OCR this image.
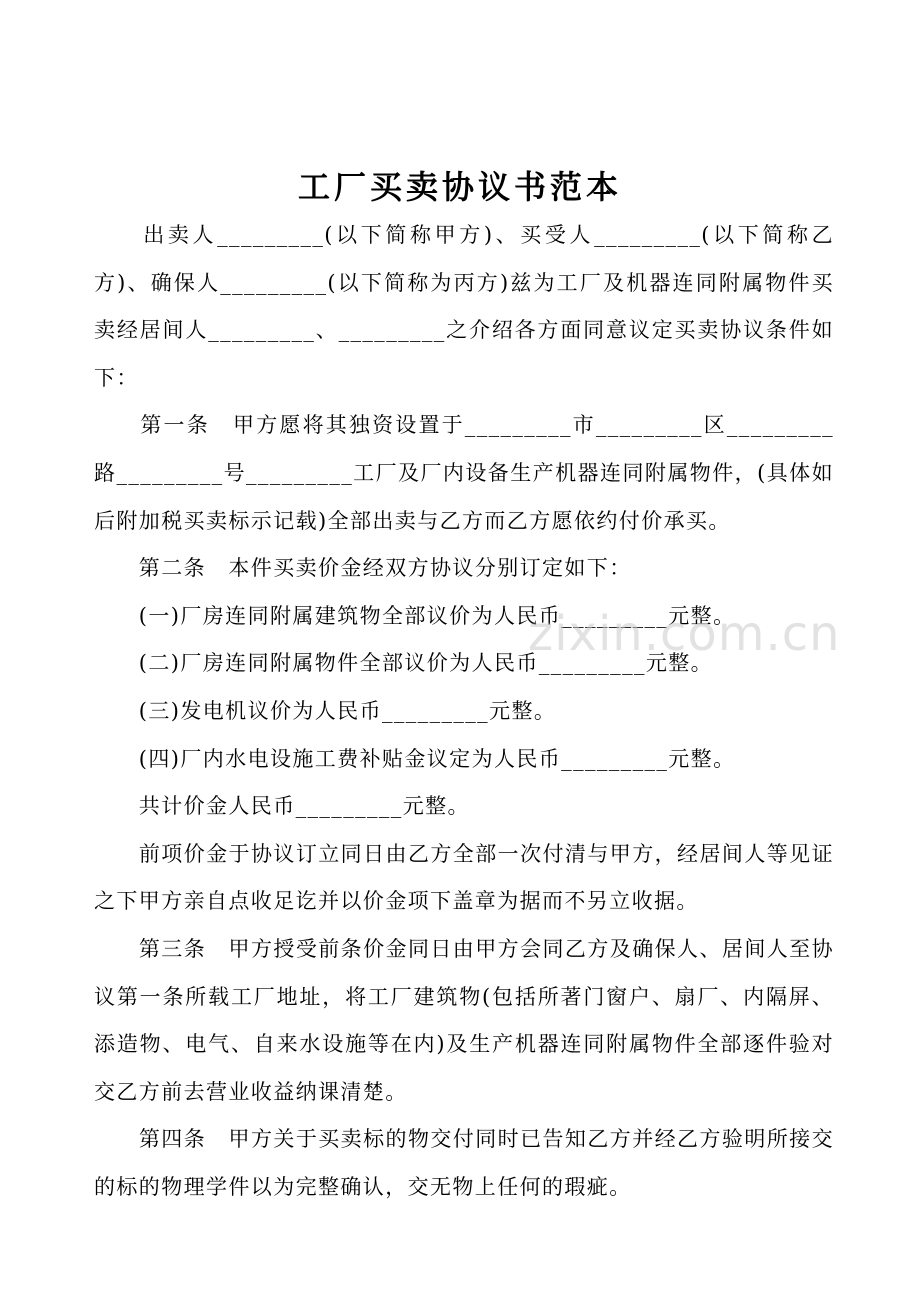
工厂买卖协议书范本

　　出卖人_________(以下简称甲方)、买受人_________(以下简称乙方)、确保人_________(以下简称为丙方)兹为工厂及机器连同附属物件买卖经居间人_________、_________之介绍各方面同意议定买卖协议条件如下：

　　第一条　甲方愿将其独资设置于_________市_________区_________路_________号_________工厂及厂内设备生产机器连同附属物件，(具体如后附加税买卖标示记载)全部出卖与乙方而乙方愿依约付价承买。

　　第二条　本件买卖价金经双方协议分别订定如下：

　　(一)厂房连同附属建筑物全部议价为人民币_________元整。

　　(二)厂房连同附属物件全部议价为人民币_________元整。

　　(三)发电机议价为人民币_________元整。

　　(四)厂内水电设施工费补贴金议定为人民币_________元整。

　　共计价金人民币_________元整。

　　前项价金于协议订立同日由乙方全部一次付清与甲方，经居间人等见证之下甲方亲自点收足讫并以价金项下盖章为据而不另立收据。

　　第三条　甲方授受前条价金同日由甲方会同乙方及确保人、居间人至协议第一条所载工厂地址，将工厂建筑物(包括所著门窗户、扇厂、内隔屏、添造物、电气、自来水设施等在内)及生产机器连同附属物件全部逐件验对交乙方前去营业收益纳课清楚。

　　第四条　甲方关于买卖标的物交付同时已告知乙方并经乙方验明所接交的标的物理学件以为完整确认，交无物上任何的瑕疵。

zixin.com.cn
